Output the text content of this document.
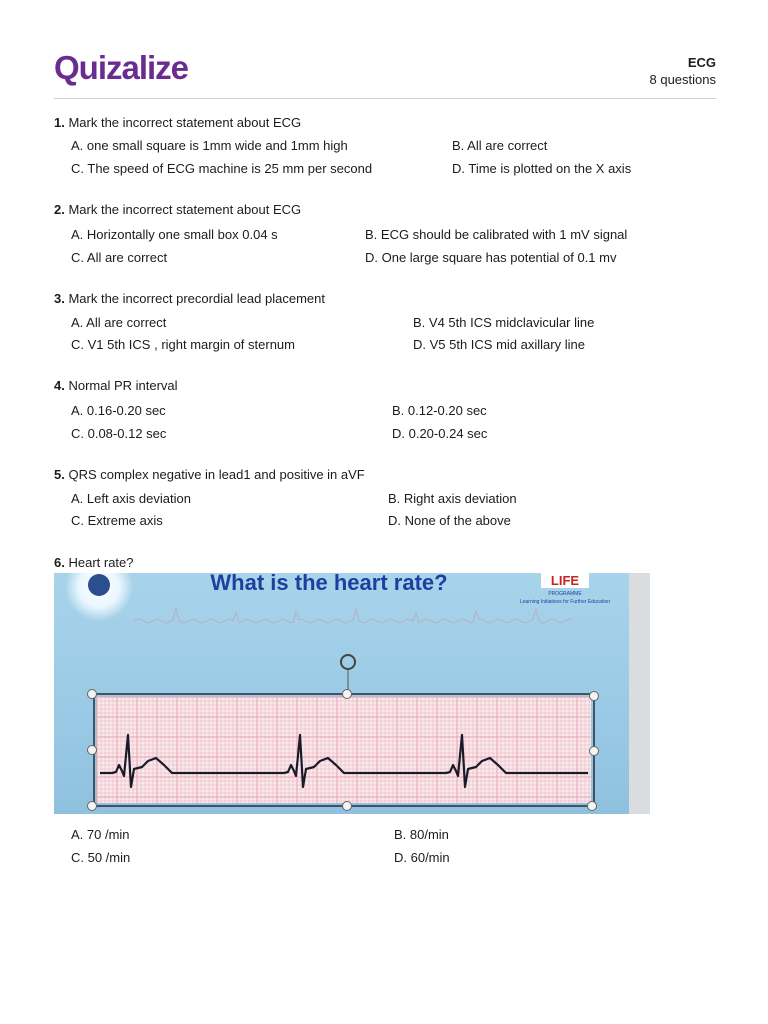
Quizalize	ECG
8 questions
1. Mark the incorrect statement about ECG
A. one small square is 1mm wide and 1mm high	B. All are correct
C. The speed of ECG machine is 25 mm per second	D. Time is plotted on the X axis
2. Mark the incorrect statement about ECG
A. Horizontally one small box 0.04 s	B. ECG should be calibrated with 1 mV signal
C. All are correct	D. One large square has potential of 0.1 mv
3. Mark the incorrect precordial lead placement
A. All are correct	B. V4 5th ICS midclavicular line
C. V1 5th ICS , right margin of sternum	D. V5 5th ICS mid axillary line
4. Normal PR interval
A. 0.16-0.20 sec	B. 0.12-0.20 sec
C. 0.08-0.12 sec	D. 0.20-0.24 sec
5. QRS complex negative in lead1 and positive in aVF
A. Left axis deviation	B. Right axis deviation
C. Extreme axis	D. None of the above
6. Heart rate?
What is the heart rate?	LIFE
PROGRAMME
Learning Initiatives for Further Education
A. 70 /min	B. 80/min
C. 50 /min	D. 60/min
